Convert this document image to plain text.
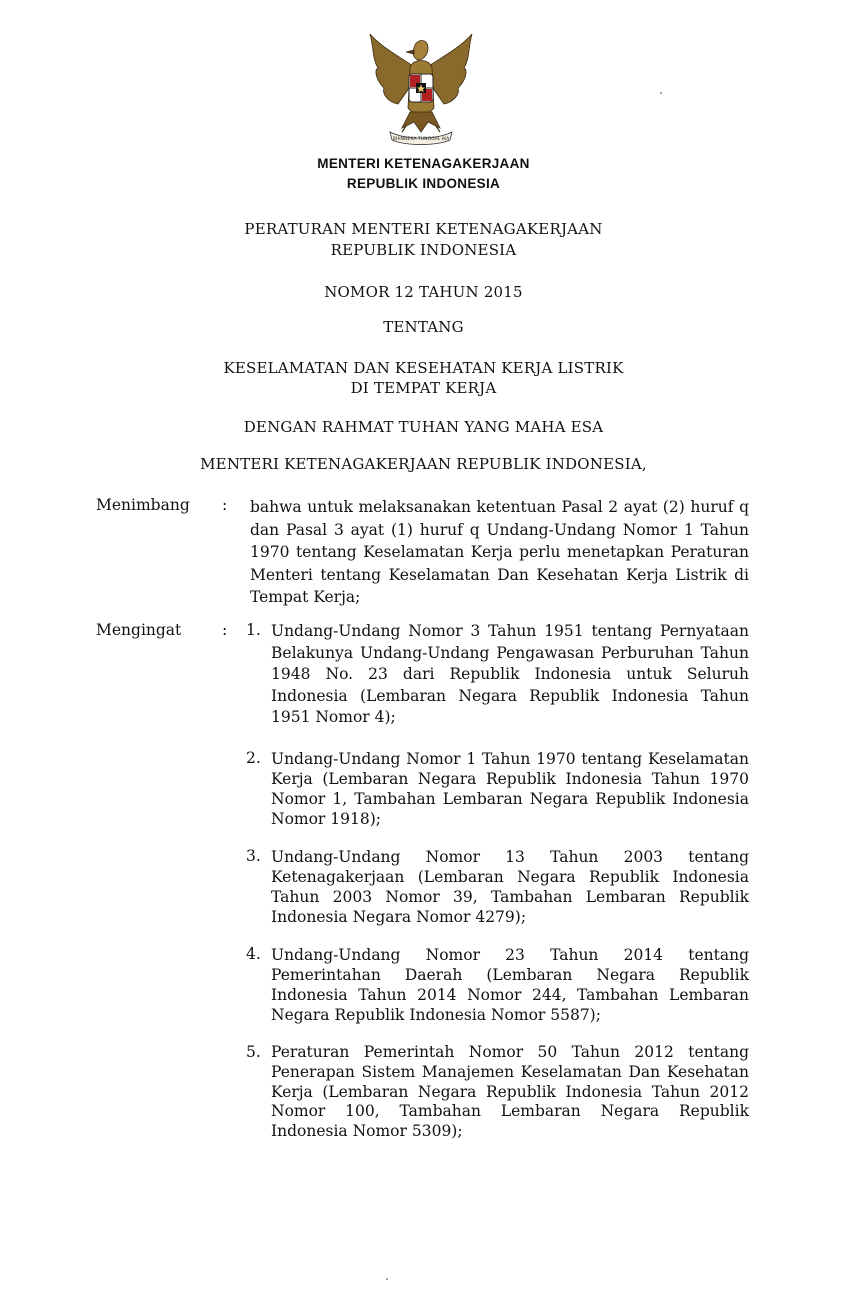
BHINNEKA TUNGGAL IKA
MENTERI KETENAGAKERJAAN
REPUBLIK INDONESIA
PERATURAN MENTERI KETENAGAKERJAAN
REPUBLIK INDONESIA
NOMOR 12 TAHUN 2015
TENTANG
KESELAMATAN DAN KESEHATAN KERJA LISTRIK
DI TEMPAT KERJA
DENGAN RAHMAT TUHAN YANG MAHA ESA
MENTERI KETENAGAKERJAAN REPUBLIK INDONESIA,
Menimbang : bahwa untuk melaksanakan ketentuan Pasal 2 ayat (2) huruf q dan Pasal 3 ayat (1) huruf q Undang-Undang Nomor 1 Tahun 1970 tentang Keselamatan Kerja perlu menetapkan Peraturan Menteri tentang Keselamatan Dan Kesehatan Kerja Listrik di Tempat Kerja;
Mengingat	: 1. Undang-Undang Nomor 3 Tahun 1951 tentang Pernyataan Belakunya Undang-Undang Pengawasan Perburuhan Tahun 1948 No. 23 dari Republik Indonesia untuk Seluruh Indonesia (Lembaran Negara Republik Indonesia Tahun 1951 Nomor 4);
2. Undang-Undang Nomor 1 Tahun 1970 tentang Keselamatan Kerja (Lembaran Negara Republik Indonesia Tahun 1970 Nomor 1, Tambahan Lembaran Negara Republik Indonesia Nomor 1918);
3. Undang-Undang Nomor 13 Tahun 2003 tentang Ketenagakerjaan (Lembaran Negara Republik Indonesia Tahun 2003 Nomor 39, Tambahan Lembaran Republik Indonesia Negara Nomor 4279);
4. Undang-Undang Nomor 23 Tahun 2014 tentang Pemerintahan Daerah (Lembaran Negara Republik Indonesia Tahun 2014 Nomor 244, Tambahan Lembaran Negara Republik Indonesia Nomor 5587);
5. Peraturan Pemerintah Nomor 50 Tahun 2012 tentang Penerapan Sistem Manajemen Keselamatan Dan Kesehatan Kerja (Lembaran Negara Republik Indonesia Tahun 2012 Nomor 100, Tambahan Lembaran Negara Republik Indonesia Nomor 5309);
